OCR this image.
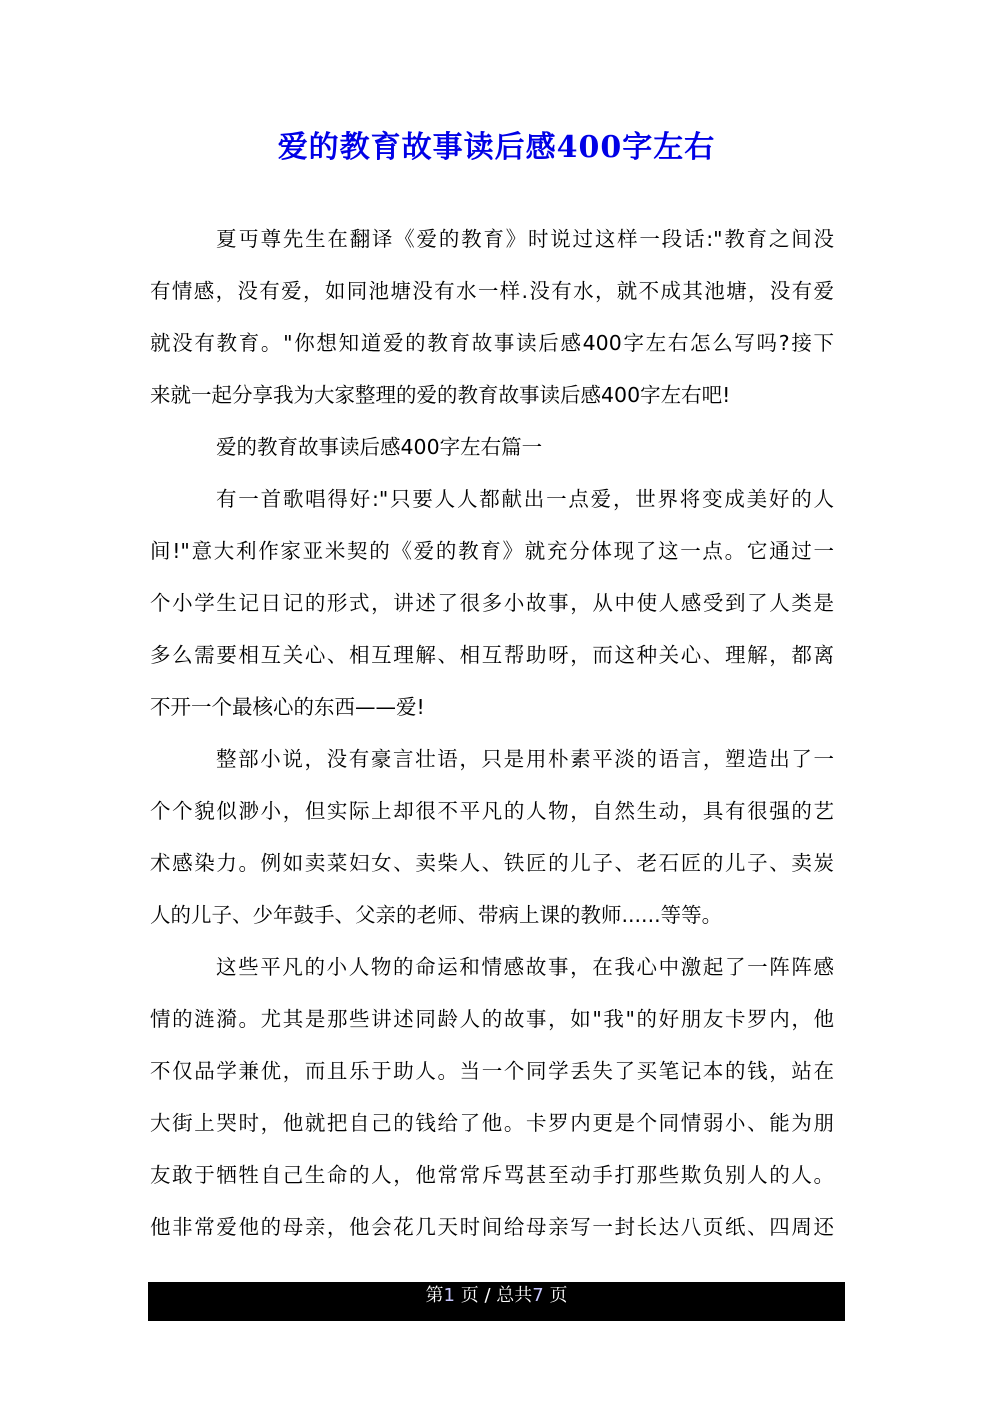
爱的教育故事读后感400字左右
夏丏尊先生在翻译《爱的教育》时说过这样一段话:"教育之间没
有情感，没有爱，如同池塘没有水一样.没有水，就不成其池塘，没有爱
就没有教育。"你想知道爱的教育故事读后感400字左右怎么写吗?接下
来就一起分享我为大家整理的爱的教育故事读后感400字左右吧!
爱的教育故事读后感400字左右篇一
有一首歌唱得好:"只要人人都献出一点爱，世界将变成美好的人
间!"意大利作家亚米契的《爱的教育》就充分体现了这一点。它通过一
个小学生记日记的形式，讲述了很多小故事，从中使人感受到了人类是
多么需要相互关心、相互理解、相互帮助呀，而这种关心、理解，都离
不开一个最核心的东西——爱!
整部小说，没有豪言壮语，只是用朴素平淡的语言，塑造出了一
个个貌似渺小，但实际上却很不平凡的人物，自然生动，具有很强的艺
术感染力。例如卖菜妇女、卖柴人、铁匠的儿子、老石匠的儿子、卖炭
人的儿子、少年鼓手、父亲的老师、带病上课的教师......等等。
这些平凡的小人物的命运和情感故事，在我心中激起了一阵阵感
情的涟漪。尤其是那些讲述同龄人的故事，如"我"的好朋友卡罗内，他
不仅品学兼优，而且乐于助人。当一个同学丢失了买笔记本的钱，站在
大街上哭时，他就把自己的钱给了他。卡罗内更是个同情弱小、能为朋
友敢于牺牲自己生命的人，他常常斥骂甚至动手打那些欺负别人的人。
他非常爱他的母亲，他会花几天时间给母亲写一封长达八页纸、四周还
第1 页 / 总共7 页
